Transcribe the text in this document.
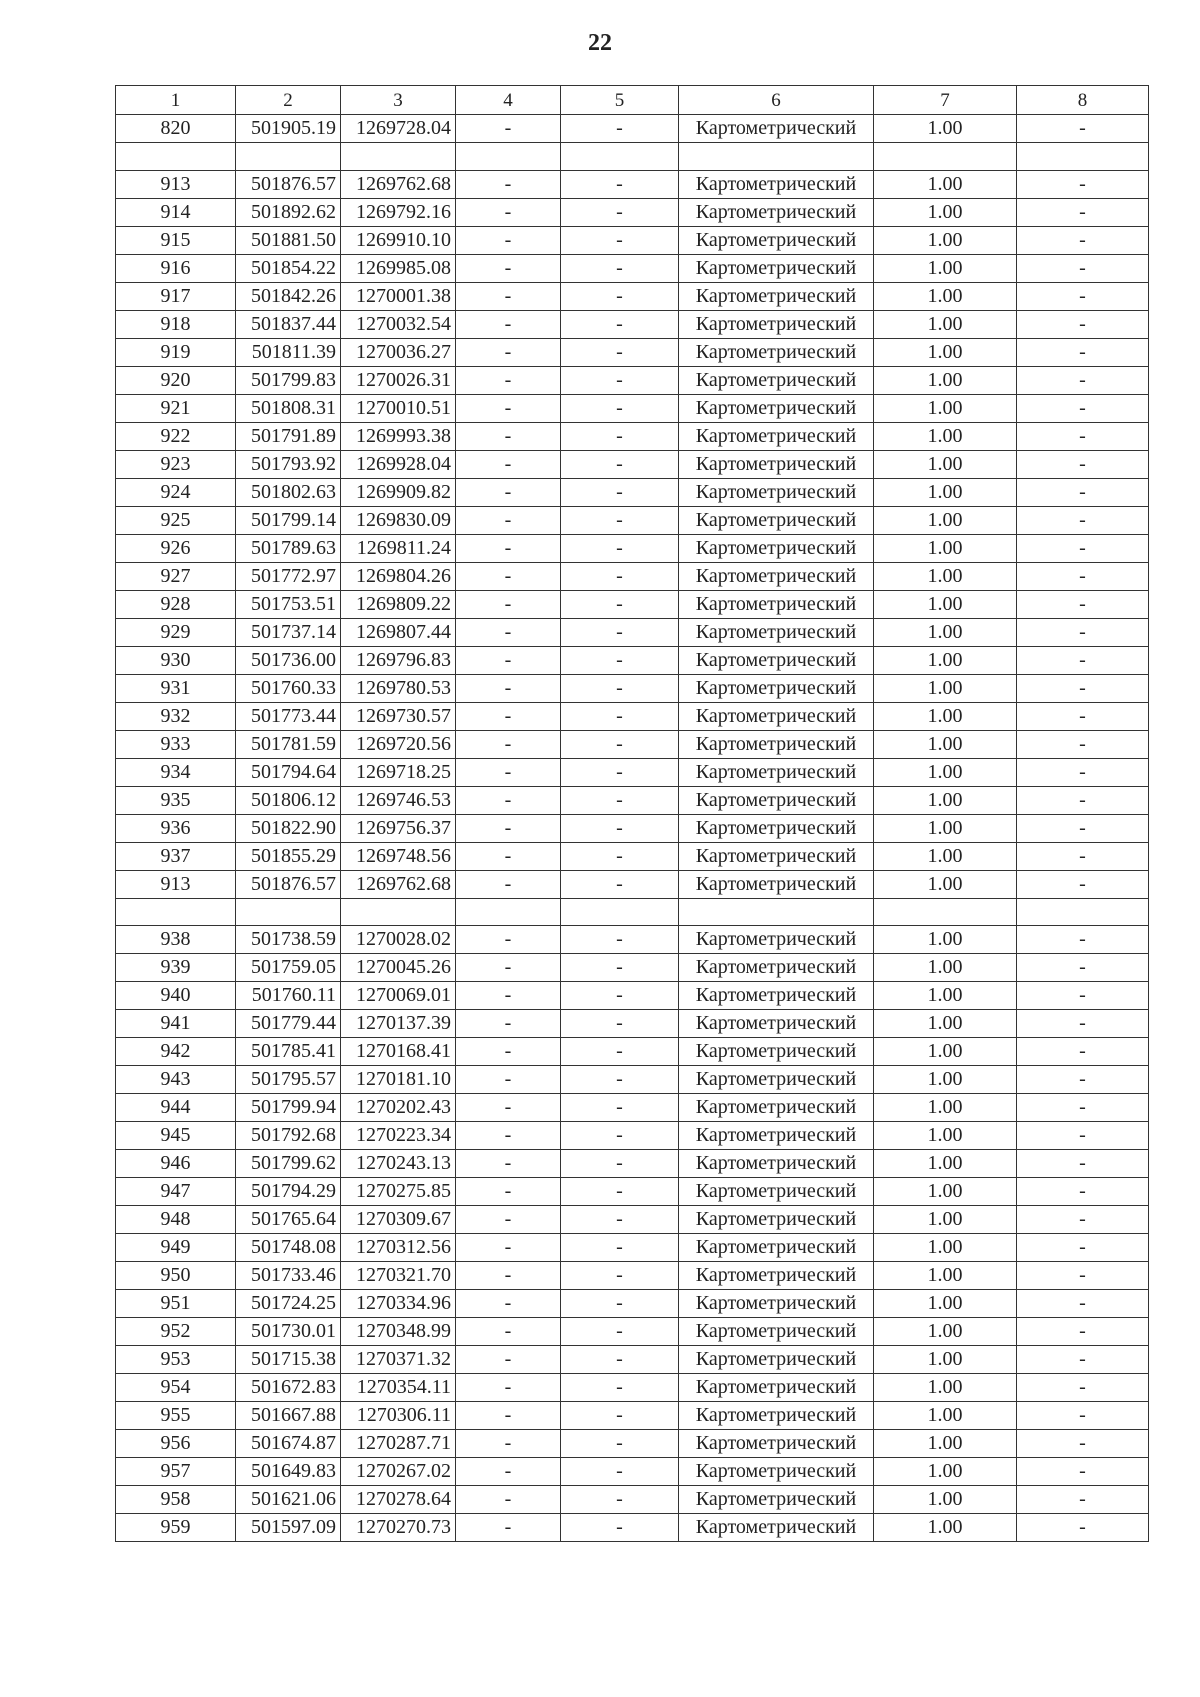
22
1	2	3	4	5	6	7	8
820	501905.19	1269728.04	-	-	Картометрический	1.00	-

913	501876.57	1269762.68	-	-	Картометрический	1.00	-
914	501892.62	1269792.16	-	-	Картометрический	1.00	-
915	501881.50	1269910.10	-	-	Картометрический	1.00	-
916	501854.22	1269985.08	-	-	Картометрический	1.00	-
917	501842.26	1270001.38	-	-	Картометрический	1.00	-
918	501837.44	1270032.54	-	-	Картометрический	1.00	-
919	501811.39	1270036.27	-	-	Картометрический	1.00	-
920	501799.83	1270026.31	-	-	Картометрический	1.00	-
921	501808.31	1270010.51	-	-	Картометрический	1.00	-
922	501791.89	1269993.38	-	-	Картометрический	1.00	-
923	501793.92	1269928.04	-	-	Картометрический	1.00	-
924	501802.63	1269909.82	-	-	Картометрический	1.00	-
925	501799.14	1269830.09	-	-	Картометрический	1.00	-
926	501789.63	1269811.24	-	-	Картометрический	1.00	-
927	501772.97	1269804.26	-	-	Картометрический	1.00	-
928	501753.51	1269809.22	-	-	Картометрический	1.00	-
929	501737.14	1269807.44	-	-	Картометрический	1.00	-
930	501736.00	1269796.83	-	-	Картометрический	1.00	-
931	501760.33	1269780.53	-	-	Картометрический	1.00	-
932	501773.44	1269730.57	-	-	Картометрический	1.00	-
933	501781.59	1269720.56	-	-	Картометрический	1.00	-
934	501794.64	1269718.25	-	-	Картометрический	1.00	-
935	501806.12	1269746.53	-	-	Картометрический	1.00	-
936	501822.90	1269756.37	-	-	Картометрический	1.00	-
937	501855.29	1269748.56	-	-	Картометрический	1.00	-
913	501876.57	1269762.68	-	-	Картометрический	1.00	-

938	501738.59	1270028.02	-	-	Картометрический	1.00	-
939	501759.05	1270045.26	-	-	Картометрический	1.00	-
940	501760.11	1270069.01	-	-	Картометрический	1.00	-
941	501779.44	1270137.39	-	-	Картометрический	1.00	-
942	501785.41	1270168.41	-	-	Картометрический	1.00	-
943	501795.57	1270181.10	-	-	Картометрический	1.00	-
944	501799.94	1270202.43	-	-	Картометрический	1.00	-
945	501792.68	1270223.34	-	-	Картометрический	1.00	-
946	501799.62	1270243.13	-	-	Картометрический	1.00	-
947	501794.29	1270275.85	-	-	Картометрический	1.00	-
948	501765.64	1270309.67	-	-	Картометрический	1.00	-
949	501748.08	1270312.56	-	-	Картометрический	1.00	-
950	501733.46	1270321.70	-	-	Картометрический	1.00	-
951	501724.25	1270334.96	-	-	Картометрический	1.00	-
952	501730.01	1270348.99	-	-	Картометрический	1.00	-
953	501715.38	1270371.32	-	-	Картометрический	1.00	-
954	501672.83	1270354.11	-	-	Картометрический	1.00	-
955	501667.88	1270306.11	-	-	Картометрический	1.00	-
956	501674.87	1270287.71	-	-	Картометрический	1.00	-
957	501649.83	1270267.02	-	-	Картометрический	1.00	-
958	501621.06	1270278.64	-	-	Картометрический	1.00	-
959	501597.09	1270270.73	-	-	Картометрический	1.00	-
